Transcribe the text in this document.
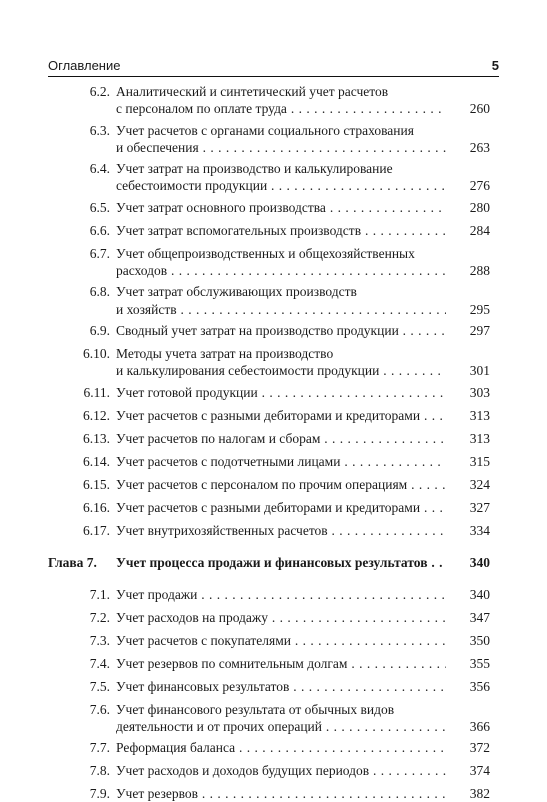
Оглавление	5
6.2. Аналитический и синтетический учет расчетов
с персоналом по оплате труда . . .	260
6.3. Учет расчетов с органами социального страхования
и обеспечения . . .	263
6.4. Учет затрат на производство и калькулирование
себестоимости продукции . . .	276
6.5. Учет затрат основного производства . . .	280
6.6. Учет затрат вспомогательных производств . . .	284
6.7. Учет общепроизводственных и общехозяйственных
расходов . . .	288
6.8. Учет затрат обслуживающих производств
и хозяйств . . .	295
6.9. Сводный учет затрат на производство продукции . . .	297
6.10. Методы учета затрат на производство
и калькулирования себестоимости продукции . . .	301
6.11. Учет готовой продукции . . .	303
6.12. Учет расчетов с разными дебиторами и кредиторами . . .	313
6.13. Учет расчетов по налогам и сборам . . .	313
6.14. Учет расчетов с подотчетными лицами . . .	315
6.15. Учет расчетов с персоналом по прочим операциям . . .	324
6.16. Учет расчетов с разными дебиторами и кредиторами . . .	327
6.17. Учет внутрихозяйственных расчетов . . .	334
Глава 7. Учет процесса продажи и финансовых результатов . . .	340
7.1. Учет продажи . . .	340
7.2. Учет расходов на продажу . . .	347
7.3. Учет расчетов с покупателями . . .	350
7.4. Учет резервов по сомнительным долгам . . .	355
7.5. Учет финансовых результатов . . .	356
7.6. Учет финансового результата от обычных видов
деятельности и от прочих операций . . .	366
7.7. Реформация баланса . . .	372
7.8. Учет расходов и доходов будущих периодов . . .	374
7.9. Учет резервов . . .	382
